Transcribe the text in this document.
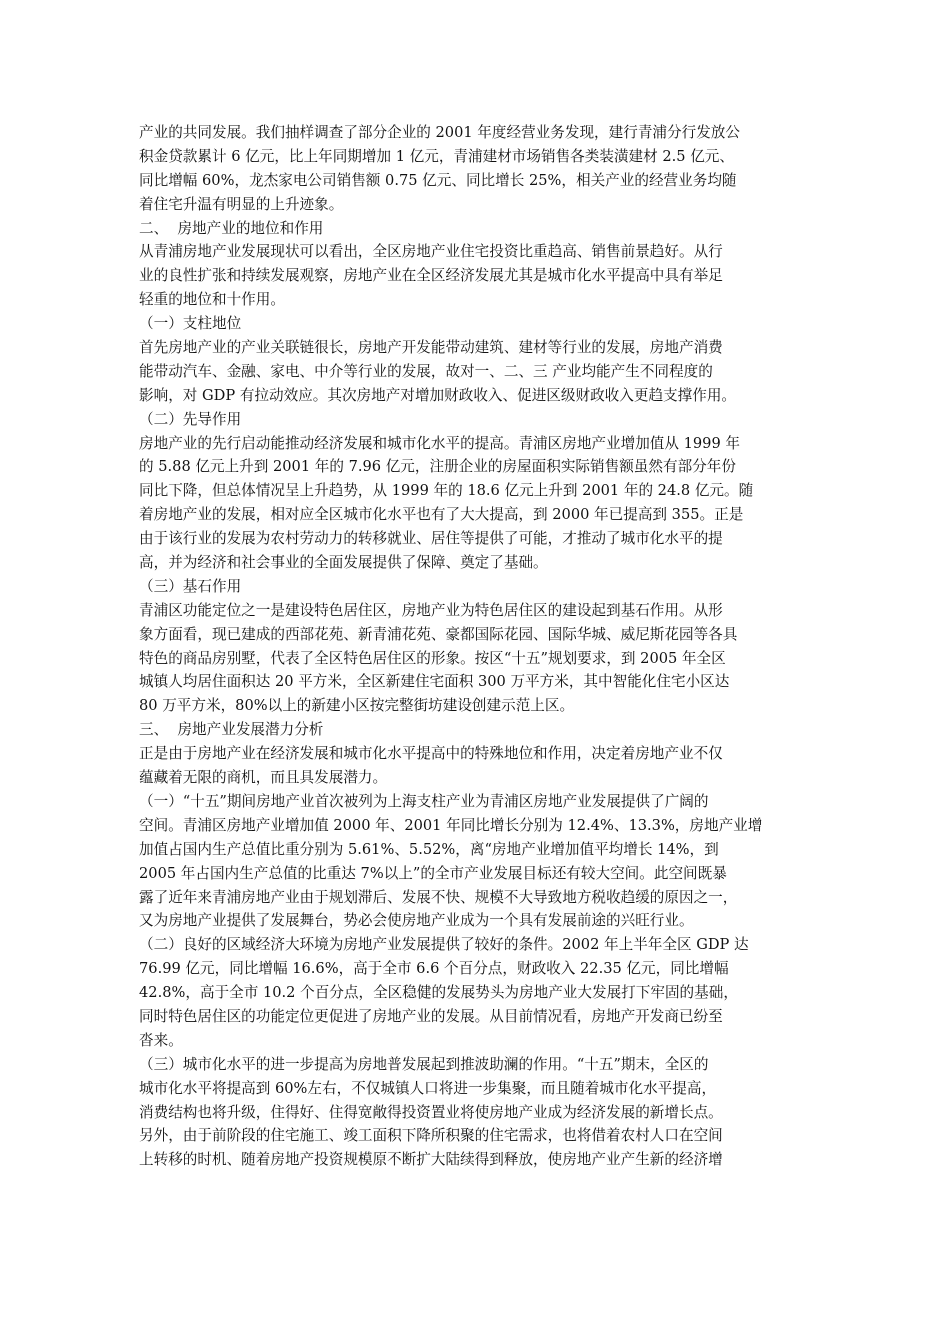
产业的共同发展。我们抽样调查了部分企业的 2001 年度经营业务发现，建行青浦分行发放公
积金贷款累计 6 亿元，比上年同期增加 1 亿元，青浦建材市场销售各类装潢建材 2.5 亿元、
同比增幅 60%，龙杰家电公司销售额 0.75 亿元、同比增长 25%，相关产业的经营业务均随
着住宅升温有明显的上升迹象。
二、  房地产业的地位和作用
从青浦房地产业发展现状可以看出，全区房地产业住宅投资比重趋高、销售前景趋好。从行
业的良性扩张和持续发展观察，房地产业在全区经济发展尤其是城市化水平提高中具有举足
轻重的地位和十作用。
（一）支柱地位
首先房地产业的产业关联链很长，房地产开发能带动建筑、建材等行业的发展，房地产消费
能带动汽车、金融、家电、中介等行业的发展，故对一、二、三 产业均能产生不同程度的
影响，对 GDP 有拉动效应。其次房地产对增加财政收入、促进区级财政收入更趋支撑作用。
（二）先导作用
房地产业的先行启动能推动经济发展和城市化水平的提高。青浦区房地产业增加值从 1999 年
的 5.88 亿元上升到 2001 年的 7.96 亿元，注册企业的房屋面积实际销售额虽然有部分年份
同比下降，但总体情况呈上升趋势，从 1999 年的 18.6 亿元上升到 2001 年的 24.8 亿元。随
着房地产业的发展，相对应全区城市化水平也有了大大提高，到 2000 年已提高到 355。正是
由于该行业的发展为农村劳动力的转移就业、居住等提供了可能，才推动了城市化水平的提
高，并为经济和社会事业的全面发展提供了保障、奠定了基础。
（三）基石作用
青浦区功能定位之一是建设特色居住区，房地产业为特色居住区的建设起到基石作用。从形
象方面看，现已建成的西部花苑、新青浦花苑、豪都国际花园、国际华城、威尼斯花园等各具
特色的商品房别墅，代表了全区特色居住区的形象。按区“十五”规划要求，到 2005 年全区
城镇人均居住面积达 20 平方米，全区新建住宅面积 300 万平方米，其中智能化住宅小区达
80 万平方米，80%以上的新建小区按完整街坊建设创建示范上区。
三、  房地产业发展潜力分析
正是由于房地产业在经济发展和城市化水平提高中的特殊地位和作用，决定着房地产业不仅
蕴藏着无限的商机，而且具发展潜力。
（一）“十五”期间房地产业首次被列为上海支柱产业为青浦区房地产业发展提供了广阔的
空间。青浦区房地产业增加值 2000 年、2001 年同比增长分别为 12.4%、13.3%，房地产业增
加值占国内生产总值比重分别为 5.61%、5.52%，离“房地产业增加值平均增长 14%，到
2005 年占国内生产总值的比重达 7%以上”的全市产业发展目标还有较大空间。此空间既暴
露了近年来青浦房地产业由于规划滞后、发展不快、规模不大导致地方税收趋缓的原因之一，
又为房地产业提供了发展舞台，势必会使房地产业成为一个具有发展前途的兴旺行业。
（二）良好的区域经济大环境为房地产业发展提供了较好的条件。2002 年上半年全区 GDP 达
76.99 亿元，同比增幅 16.6%，高于全市 6.6 个百分点，财政收入 22.35 亿元，同比增幅
42.8%，高于全市 10.2 个百分点，全区稳健的发展势头为房地产业大发展打下牢固的基础，
同时特色居住区的功能定位更促进了房地产业的发展。从目前情况看，房地产开发商已纷至
沓来。
（三）城市化水平的进一步提高为房地普发展起到推波助澜的作用。“十五”期末，全区的
城市化水平将提高到 60%左右，不仅城镇人口将进一步集聚，而且随着城市化水平提高，
消费结构也将升级，住得好、住得宽敞得投资置业将使房地产业成为经济发展的新增长点。
另外，由于前阶段的住宅施工、竣工面积下降所积聚的住宅需求，也将借着农村人口在空间
上转移的时机、随着房地产投资规模原不断扩大陆续得到释放，使房地产业产生新的经济增
